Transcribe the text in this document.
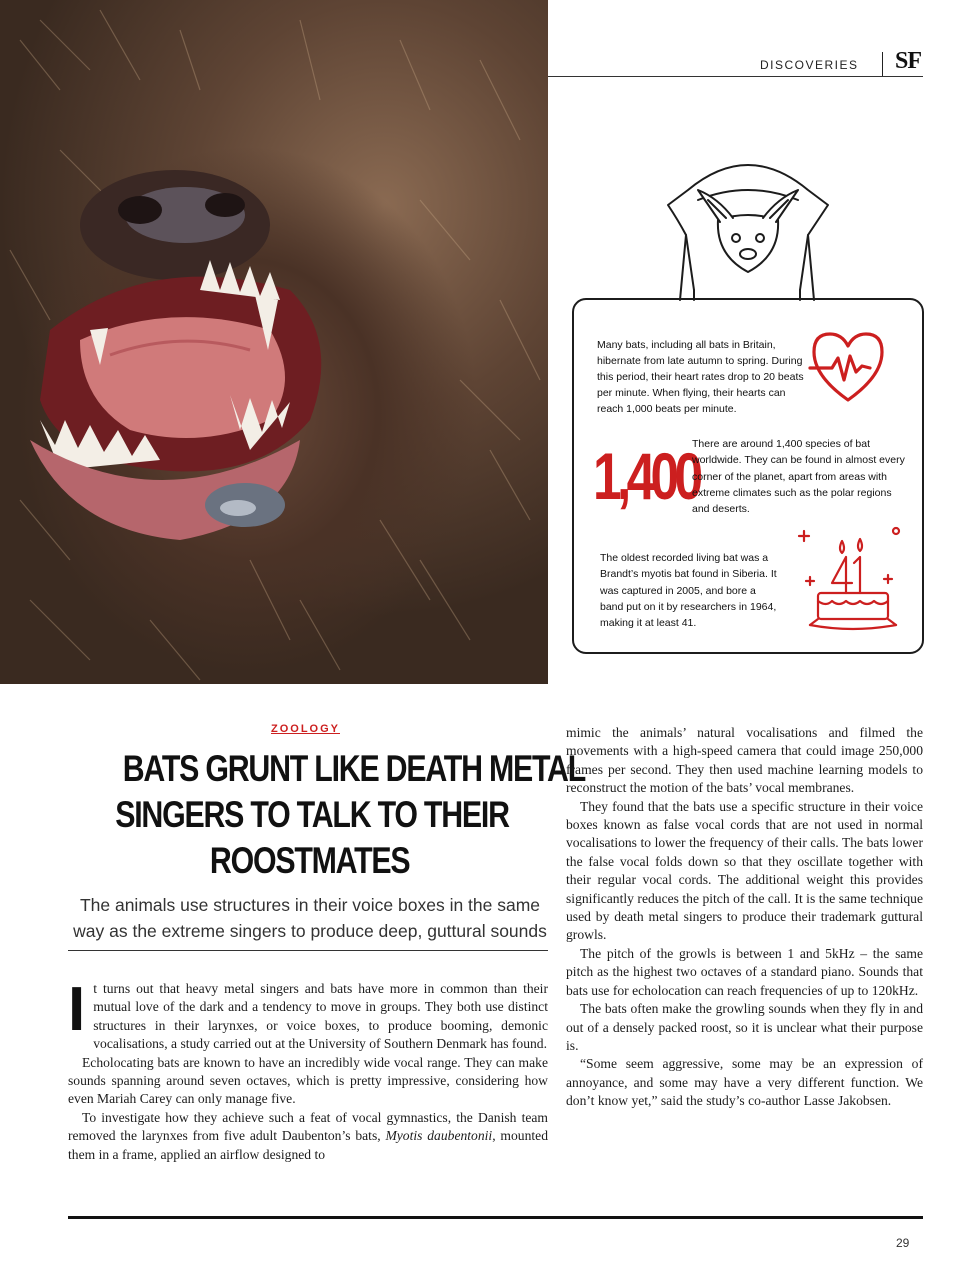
DISCOVERIES SF
Many bats, including all bats in Britain, hibernate from late autumn to spring. During this period, their heart rates drop to 20 beats per minute. When flying, their hearts can reach 1,000 beats per minute.
1,400
There are around 1,400 species of bat worldwide. They can be found in almost every corner of the planet, apart from areas with extreme climates such as the polar regions and deserts.
The oldest recorded living bat was a Brandt’s myotis bat found in Siberia. It was captured in 2005, and bore a band put on it by researchers in 1964, making it at least 41.
41
ZOOLOGY
BATS GRUNT LIKE DEATH METAL
SINGERS TO TALK TO THEIR
ROOSTMATES
The animals use structures in their voice boxes in the same way as the extreme singers to produce deep, guttural sounds

It turns out that heavy metal singers and bats have more in common than their mutual love of the dark and a tendency to move in groups. They both use distinct structures in their larynxes, or voice boxes, to produce booming, demonic vocalisations, a study carried out at the University of Southern Denmark has found.

Echolocating bats are known to have an incredibly wide vocal range. They can make sounds spanning around seven octaves, which is pretty impressive, considering how even Mariah Carey can only manage five.

To investigate how they achieve such a feat of vocal gymnastics, the Danish team removed the larynxes from five adult Daubenton’s bats, Myotis daubentonii, mounted them in a frame, applied an airflow designed to

mimic the animals’ natural vocalisations and filmed the movements with a high-speed camera that could image 250,000 frames per second. They then used machine learning models to reconstruct the motion of the bats’ vocal membranes.

They found that the bats use a specific structure in their voice boxes known as false vocal cords that are not used in normal vocalisations to lower the frequency of their calls. The bats lower the false vocal folds down so that they oscillate together with their regular vocal cords. The additional weight this provides significantly reduces the pitch of the call. It is the same technique used by death metal singers to produce their trademark guttural growls.

The pitch of the growls is between 1 and 5kHz – the same pitch as the highest two octaves of a standard piano. Sounds that bats use for echolocation can reach frequencies of up to 120kHz.

The bats often make the growling sounds when they fly in and out of a densely packed roost, so it is unclear what their purpose is.

“Some seem aggressive, some may be an expression of annoyance, and some may have a very different function. We don’t know yet,” said the study’s co-author Lasse Jakobsen.

29
